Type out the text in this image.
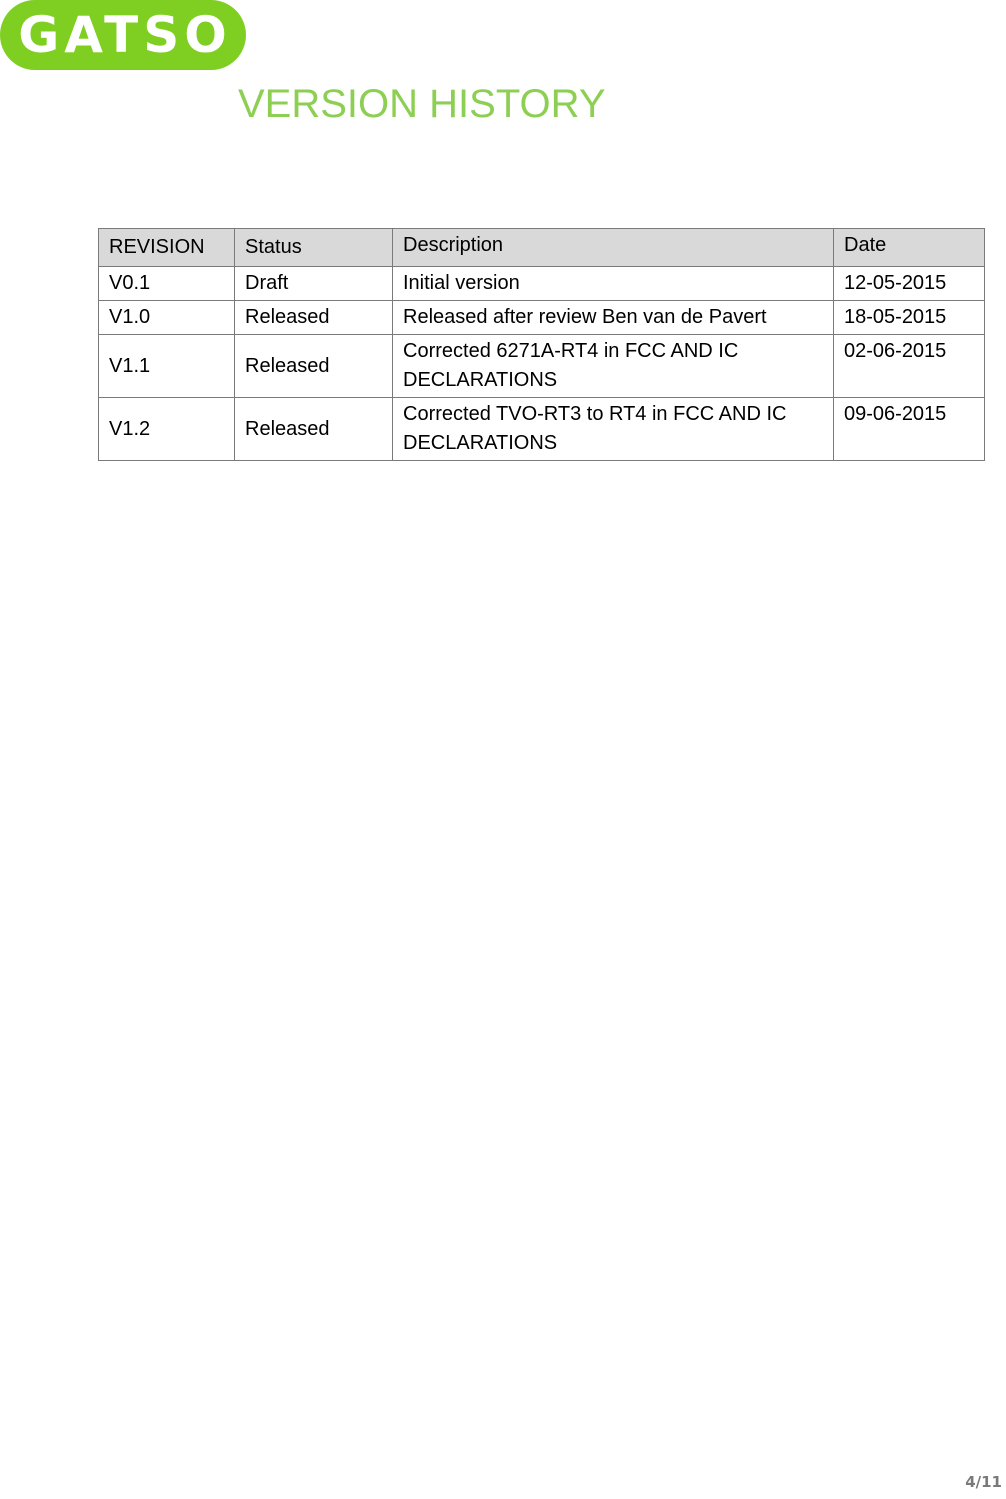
GATSO
VERSION HISTORY
REVISION	Status	Description	Date
V0.1	Draft	Initial version	12-05-2015
V1.0	Released	Released after review Ben van de Pavert	18-05-2015
V1.1	Released	Corrected 6271A-RT4 in FCC AND IC DECLARATIONS	02-06-2015
V1.2	Released	Corrected TVO-RT3 to RT4 in FCC AND IC DECLARATIONS	09-06-2015
4/11
